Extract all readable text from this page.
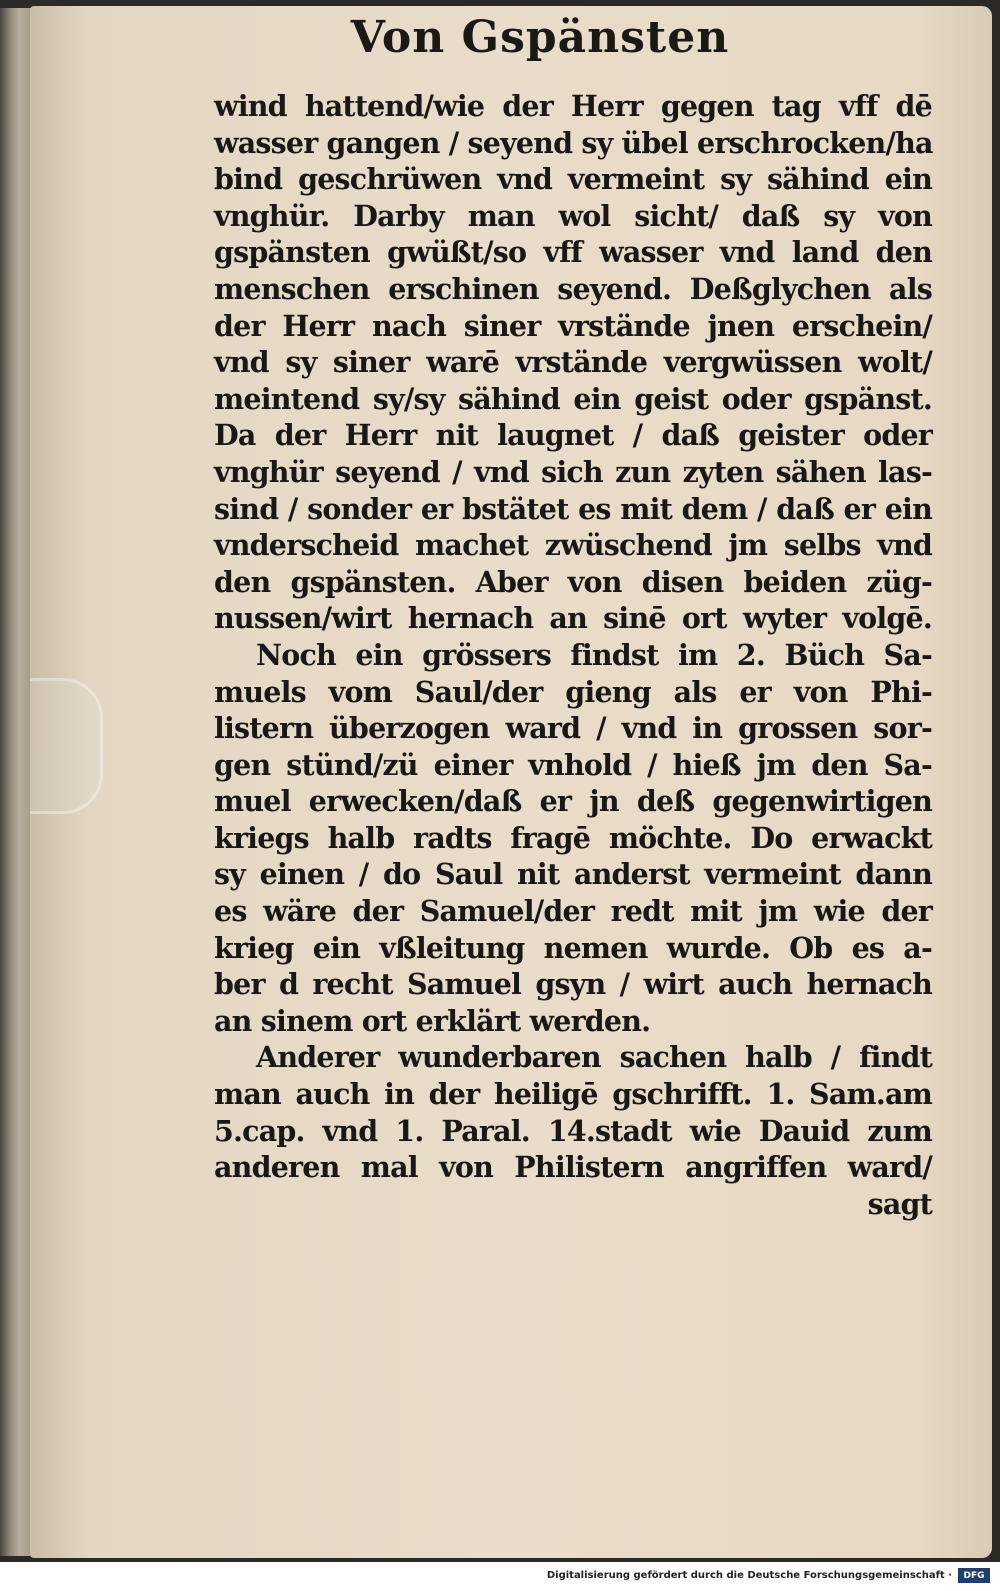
Von Gspänsten
wind hattend/wie der Herr gegen tag vff dē
wasser gangen / seyend sy übel erschrocken/ha
bind geschrüwen vnd vermeint sy sähind ein
vnghür. Darby man wol sicht/ daß sy von
gspänsten gwüßt/so vff wasser vnd land den
menschen erschinen seyend. Deßglychen als
der Herr nach siner vrstände jnen erschein/
vnd sy siner warē vrstände vergwüssen wolt/
meintend sy/sy sähind ein geist oder gspänst.
Da der Herr nit laugnet / daß geister oder
vnghür seyend / vnd sich zun zyten sähen las-
sind / sonder er bstätet es mit dem / daß er ein
vnderscheid machet zwüschend jm selbs vnd
den gspänsten. Aber von disen beiden züg-
nussen/wirt hernach an sinē ort wyter volgē.
Noch ein grössers findst im 2. Büch Sa-
muels vom Saul/der gieng als er von Phi-
listern überzogen ward / vnd in grossen sor-
gen stünd/zü einer vnhold / hieß jm den Sa-
muel erwecken/daß er jn deß gegenwirtigen
kriegs halb radts fragē möchte. Do erwackt
sy einen / do Saul nit anderst vermeint dann
es wäre der Samuel/der redt mit jm wie der
krieg ein vßleitung nemen wurde. Ob es a-
ber d recht Samuel gsyn / wirt auch hernach
an sinem ort erklärt werden.
Anderer wunderbaren sachen halb / findt
man auch in der heiligē gschrifft. 1. Sam.am
5.cap. vnd 1. Paral. 14.stadt wie Dauid zum
anderen mal von Philistern angriffen ward/
sagt
Digitalisierung gefördert durch die Deutsche Forschungsgemeinschaft ·	DFG
